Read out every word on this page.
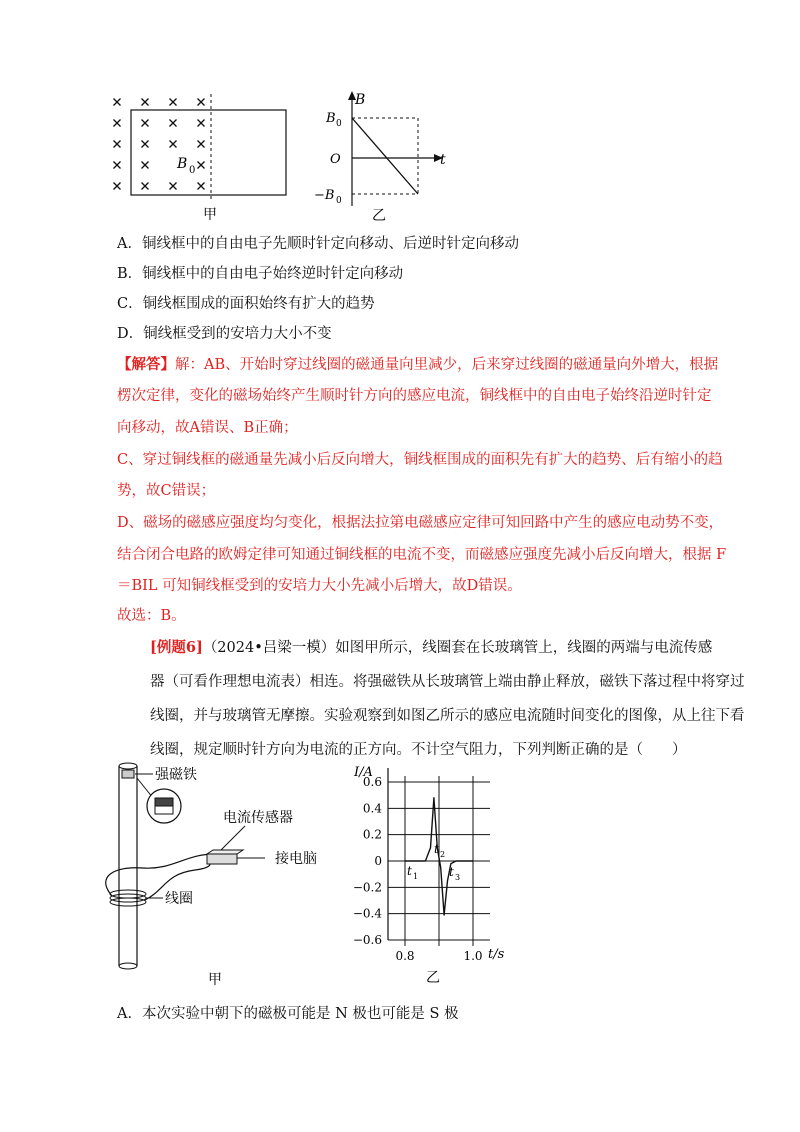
B 0
甲
B
t
O
B 0
−B 0
乙
A．铜线框中的自由电子先顺时针定向移动、后逆时针定向移动
B．铜线框中的自由电子始终逆时针定向移动
C．铜线框围成的面积始终有扩大的趋势
D．铜线框受到的安培力大小不变
【解答】解：AB、开始时穿过线圈的磁通量向里减少，后来穿过线圈的磁通量向外增大，根据
楞次定律，变化的磁场始终产生顺时针方向的感应电流，铜线框中的自由电子始终沿逆时针定
向移动，故A错误、B正确；
C、穿过铜线框的磁通量先减小后反向增大，铜线框围成的面积先有扩大的趋势、后有缩小的趋
势，故C错误；
D、磁场的磁感应强度均匀变化，根据法拉第电磁感应定律可知回路中产生的感应电动势不变，
结合闭合电路的欧姆定律可知通过铜线框的电流不变，而磁感应强度先减小后反向增大，根据 F
＝BIL 可知铜线框受到的安培力大小先减小后增大，故D错误。
故选：B。
[例题6]（2024•吕梁一模）如图甲所示，线圈套在长玻璃管上，线圈的两端与电流传感
器（可看作理想电流表）相连。将强磁铁从长玻璃管上端由静止释放，磁铁下落过程中将穿过
线圈，并与玻璃管无摩擦。实验观察到如图乙所示的感应电流随时间变化的图像，从上往下看
线圈，规定顺时针方向为电流的正方向。不计空气阻力，下列判断正确的是（　　）
强磁铁
线圈
电流传感器
接电脑
甲
1.0
0.8
−0.6
−0.4
−0.2
0
0.2
0.4
0.6
I/A
t/s
乙
t 1
t 2
t 3
A．本次实验中朝下的磁极可能是 N 极也可能是 S 极
